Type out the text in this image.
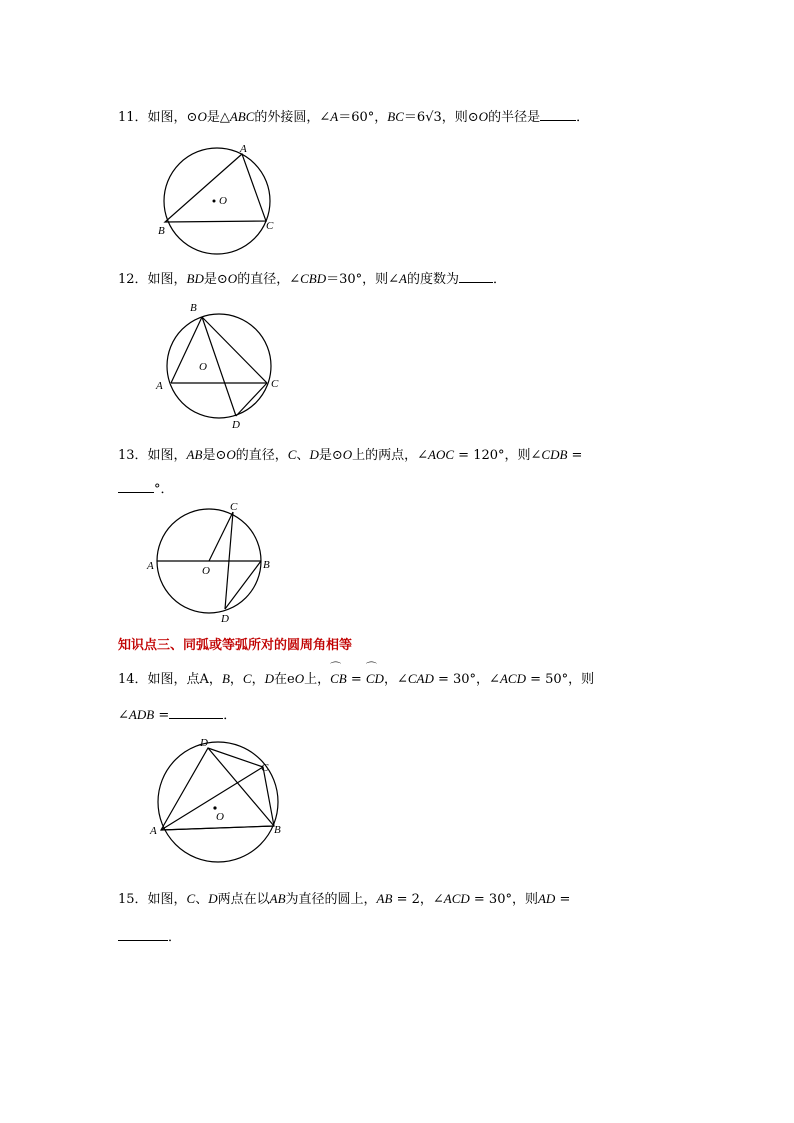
11．如图，⊙O是△ABC的外接圆，∠A＝60°，BC＝6√3，则⊙O的半径是	．
A
B	C
O
12．如图，BD是⊙O的直径，∠CBD＝30°，则∠A的度数为	．
B
A	C
D
O
13．如图，AB是⊙O的直径，C、D是⊙O上的两点，∠AOC = 120°，则∠CDB =
°．
A	B
C
D
O
知识点三、同弧或等弧所对的圆周角相等
14．如图，点A，B，C，D在eO上，⌒ CB = ⌒ CD，∠CAD = 30°，∠ACD = 50°，则
∠ADB =	．
D
C
A	B
O
15．如图，C、D两点在以AB为直径的圆上，AB = 2，∠ACD = 30°，则AD =
．
